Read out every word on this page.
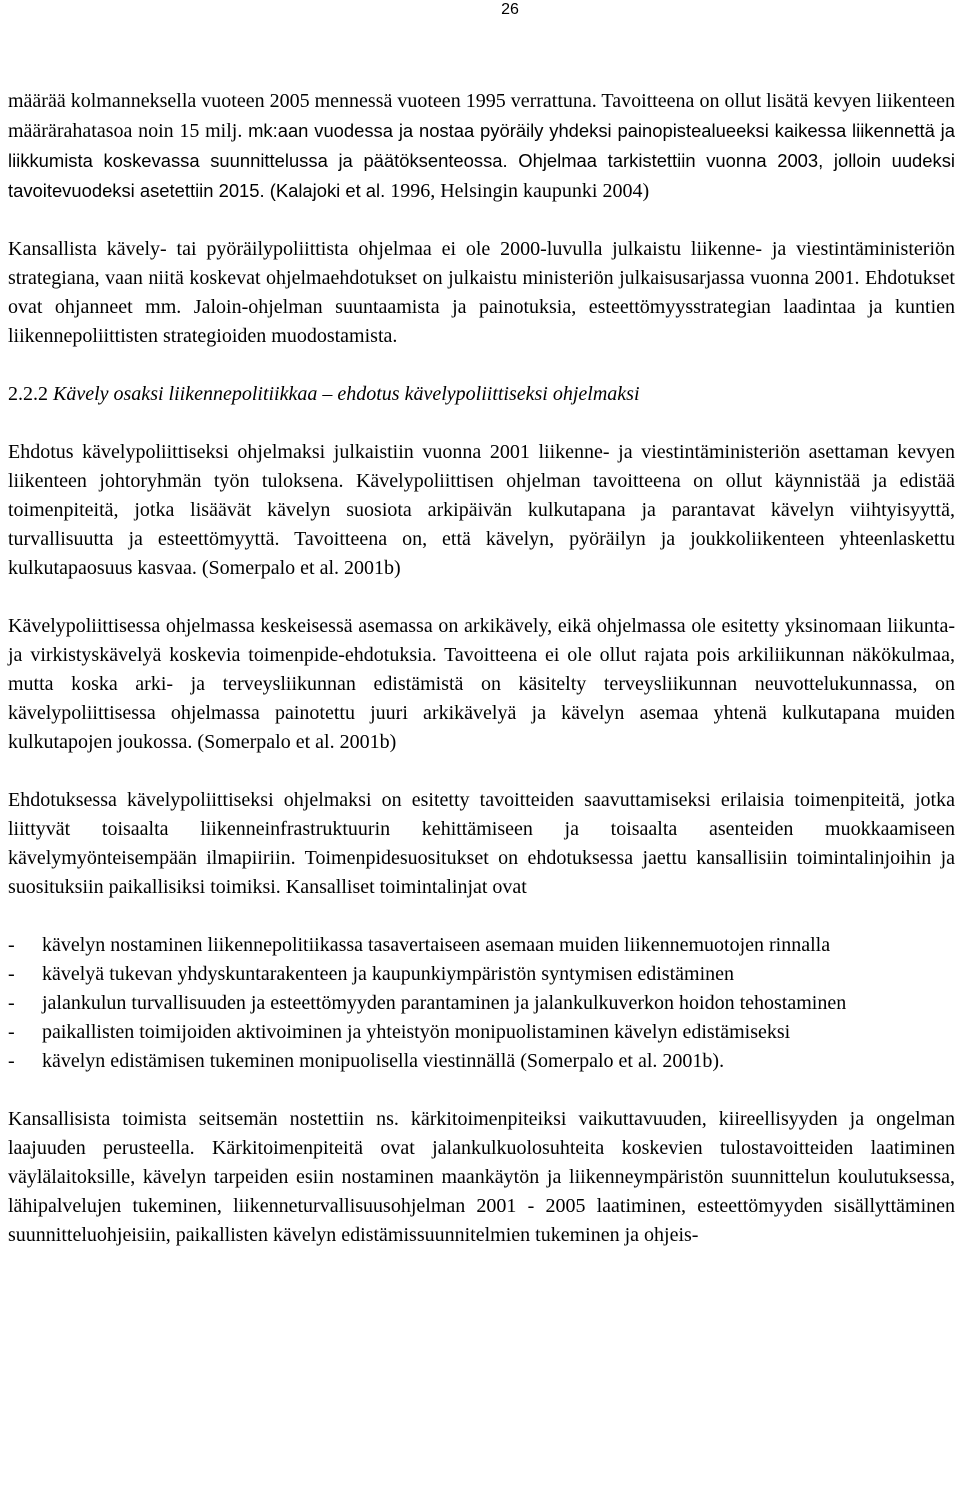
26

määrää kolmanneksella vuoteen 2005 mennessä vuoteen 1995 verrattuna. Tavoitteena on ollut lisätä kevyen liikenteen määrärahatasoa noin 15 milj. mk:aan vuodessa ja nostaa pyöräily yhdeksi painopistealueeksi kaikessa liikennettä ja liikkumista koskevassa suunnittelussa ja päätöksenteossa. Ohjelmaa tarkistettiin vuonna 2003, jolloin uudeksi tavoitevuodeksi asetettiin 2015. (Kalajoki et al. 1996, Helsingin kaupunki 2004)

Kansallista kävely- tai pyöräilypoliittista ohjelmaa ei ole 2000-luvulla julkaistu liikenne- ja viestintäministeriön strategiana, vaan niitä koskevat ohjelmaehdotukset on julkaistu ministeriön julkaisusarjassa vuonna 2001. Ehdotukset ovat ohjanneet mm. Jaloin-ohjelman suuntaamista ja painotuksia, esteettömyysstrategian laadintaa ja kuntien liikennepoliittisten strategioiden muodostamista.

2.2.2 Kävely osaksi liikennepolitiikkaa – ehdotus kävelypoliittiseksi ohjelmaksi

Ehdotus kävelypoliittiseksi ohjelmaksi julkaistiin vuonna 2001 liikenne- ja viestintäministeriön asettaman kevyen liikenteen johtoryhmän työn tuloksena. Kävelypoliittisen ohjelman tavoitteena on ollut käynnistää ja edistää toimenpiteitä, jotka lisäävät kävelyn suosiota arkipäivän kulkutapana ja parantavat kävelyn viihtyisyyttä, turvallisuutta ja esteettömyyttä. Tavoitteena on, että kävelyn, pyöräilyn ja joukkoliikenteen yhteenlaskettu kulkutapaosuus kasvaa. (Somerpalo et al. 2001b)

Kävelypoliittisessa ohjelmassa keskeisessä asemassa on arkikävely, eikä ohjelmassa ole esitetty yksinomaan liikunta- ja virkistyskävelyä koskevia toimenpide-ehdotuksia. Tavoitteena ei ole ollut rajata pois arkiliikunnan näkökulmaa, mutta koska arki- ja terveysliikunnan edistämistä on käsitelty terveysliikunnan neuvottelukunnassa, on kävelypoliittisessa ohjelmassa painotettu juuri arkikävelyä ja kävelyn asemaa yhtenä kulkutapana muiden kulkutapojen joukossa. (Somerpalo et al. 2001b)

Ehdotuksessa kävelypoliittiseksi ohjelmaksi on esitetty tavoitteiden saavuttamiseksi erilaisia toimenpiteitä, jotka liittyvät toisaalta liikenneinfrastruktuurin kehittämiseen ja toisaalta asenteiden muokkaamiseen kävelymyönteisempään ilmapiiriin. Toimenpidesuositukset on ehdotuksessa jaettu kansallisiin toimintalinjoihin ja suosituksiin paikallisiksi toimiksi. Kansalliset toimintalinjat ovat

- kävelyn nostaminen liikennepolitiikassa tasavertaiseen asemaan muiden liikennemuotojen rinnalla
- kävelyä tukevan yhdyskuntarakenteen ja kaupunkiympäristön syntymisen edistäminen
- jalankulun turvallisuuden ja esteettömyyden parantaminen ja jalankulkuverkon hoidon tehostaminen
- paikallisten toimijoiden aktivoiminen ja yhteistyön monipuolistaminen kävelyn edistämiseksi
- kävelyn edistämisen tukeminen monipuolisella viestinnällä (Somerpalo et al. 2001b).

Kansallisista toimista seitsemän nostettiin ns. kärkitoimenpiteiksi vaikuttavuuden, kiireellisyyden ja ongelman laajuuden perusteella. Kärkitoimenpiteitä ovat jalankulkuolosuhteita koskevien tulostavoitteiden laatiminen väylälaitoksille, kävelyn tarpeiden esiin nostaminen maankäytön ja liikenneympäristön suunnittelun koulutuksessa, lähipalvelujen tukeminen, liikenneturvallisuusohjelman 2001 - 2005 laatiminen, esteettömyyden sisällyttäminen suunnitteluohjeisiin, paikallisten kävelyn edistämissuunnitelmien tukeminen ja ohjeis-
